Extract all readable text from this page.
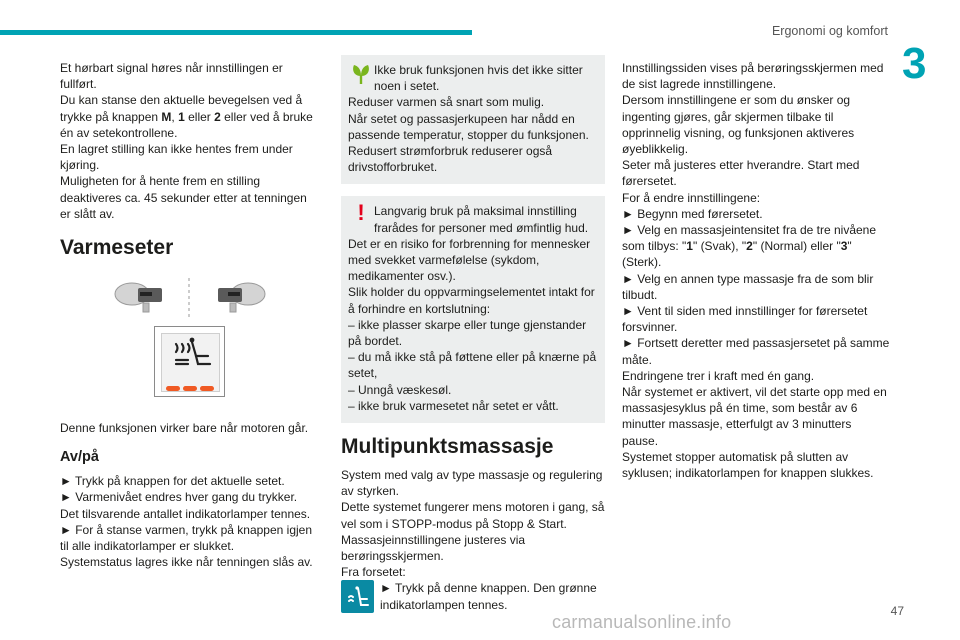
Ergonomi og komfort
3

Et hørbart signal høres når innstillingen er fullført.

Du kan stanse den aktuelle bevegelsen ved å trykke på knappen M, 1 eller 2 eller ved å bruke én av setekontrollene.

En lagret stilling kan ikke hentes frem under kjøring.

Muligheten for å hente frem en stilling deaktiveres ca. 45 sekunder etter at tenningen er slått av.

Varmeseter

Denne funksjonen virker bare når motoren går.

Av/på

► Trykk på knappen for det aktuelle setet.

► Varmenivået endres hver gang du trykker.

Det tilsvarende antallet indikatorlamper tennes.

► For å stanse varmen, trykk på knappen igjen til alle indikatorlamper er slukket.

Systemstatus lagres ikke når tenningen slås av.

Ikke bruk funksjonen hvis det ikke sitter noen i setet.

Reduser varmen så snart som mulig.

Når setet og passasjerkupeen har nådd en passende temperatur, stopper du funksjonen. Redusert strømforbruk reduserer også drivstofforbruket.

! Langvarig bruk på maksimal innstilling frarådes for personer med ømfintlig hud.

Det er en risiko for forbrenning for mennesker med svekket varmefølelse (sykdom, medikamenter osv.).

Slik holder du oppvarmingselementet intakt for å forhindre en kortslutning:

– ikke plasser skarpe eller tunge gjenstander på bordet.

– du må ikke stå på føttene eller på knærne på setet,

– Unngå væskesøl.

– ikke bruk varmesetet når setet er vått.

Multipunktsmassasje

System med valg av type massasje og regulering av styrken.

Dette systemet fungerer mens motoren i gang, så vel som i STOPP-modus på Stopp & Start.

Massasjeinnstillingene justeres via berøringsskjermen.

Fra forsetet:

► Trykk på denne knappen. Den grønne indikatorlampen tennes.

Innstillingssiden vises på berøringsskjermen med de sist lagrede innstillingene.

Dersom innstillingene er som du ønsker og ingenting gjøres, går skjermen tilbake til opprinnelig visning, og funksjonen aktiveres øyeblikkelig.

Seter må justeres etter hverandre. Start med førersetet.

For å endre innstillingene:

► Begynn med førersetet.

► Velg en massasjeintensitet fra de tre nivåene som tilbys: "1" (Svak), "2" (Normal) eller "3" (Sterk).

► Velg en annen type massasje fra de som blir tilbudt.

► Vent til siden med innstillinger for førersetet forsvinner.

► Fortsett deretter med passasjersetet på samme måte.

Endringene trer i kraft med én gang.

Når systemet er aktivert, vil det starte opp med en massasjesyklus på én time, som består av 6 minutter massasje, etterfulgt av 3 minutters pause.

Systemet stopper automatisk på slutten av syklusen; indikatorlampen for knappen slukkes.

carmanualsonline.info
47
